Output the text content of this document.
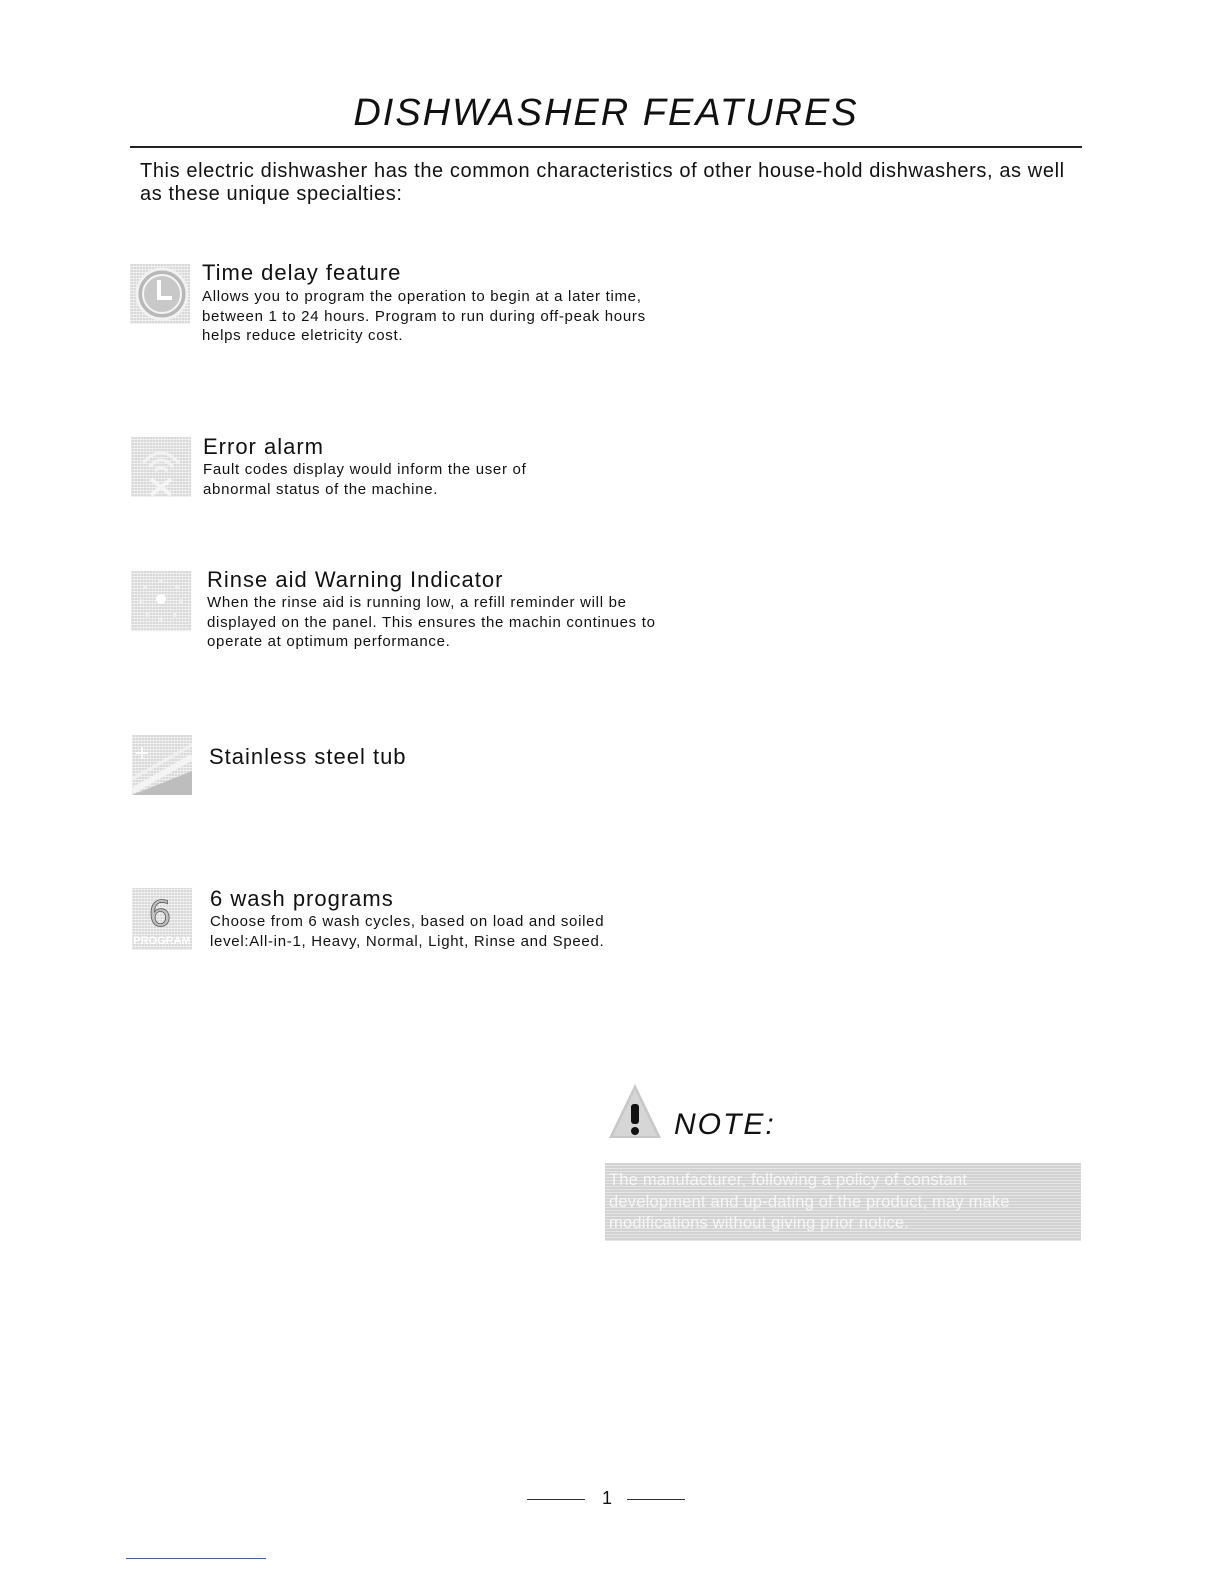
DISHWASHER FEATURES
This electric dishwasher has the common characteristics of other house-hold dishwashers, as well as these unique specialties:
Time delay feature
Allows you to program the operation to begin at a later time, between 1 to 24 hours. Program to run during off-peak hours helps reduce eletricity cost.
Error alarm
Fault codes display would inform the user of abnormal status of the machine.
Rinse aid Warning Indicator
When the rinse aid is running low, a refill reminder will be displayed on the panel. This ensures the machin continues to operate at optimum performance.
Stainless steel tub
6
PROGRAM
6 wash programs
Choose from 6 wash cycles, based on load and soiled level:All-in-1, Heavy, Normal, Light, Rinse and Speed.
NOTE:
The manufacturer, following a policy of constant development and up-dating of the product, may make modifications without giving prior notice.
1
